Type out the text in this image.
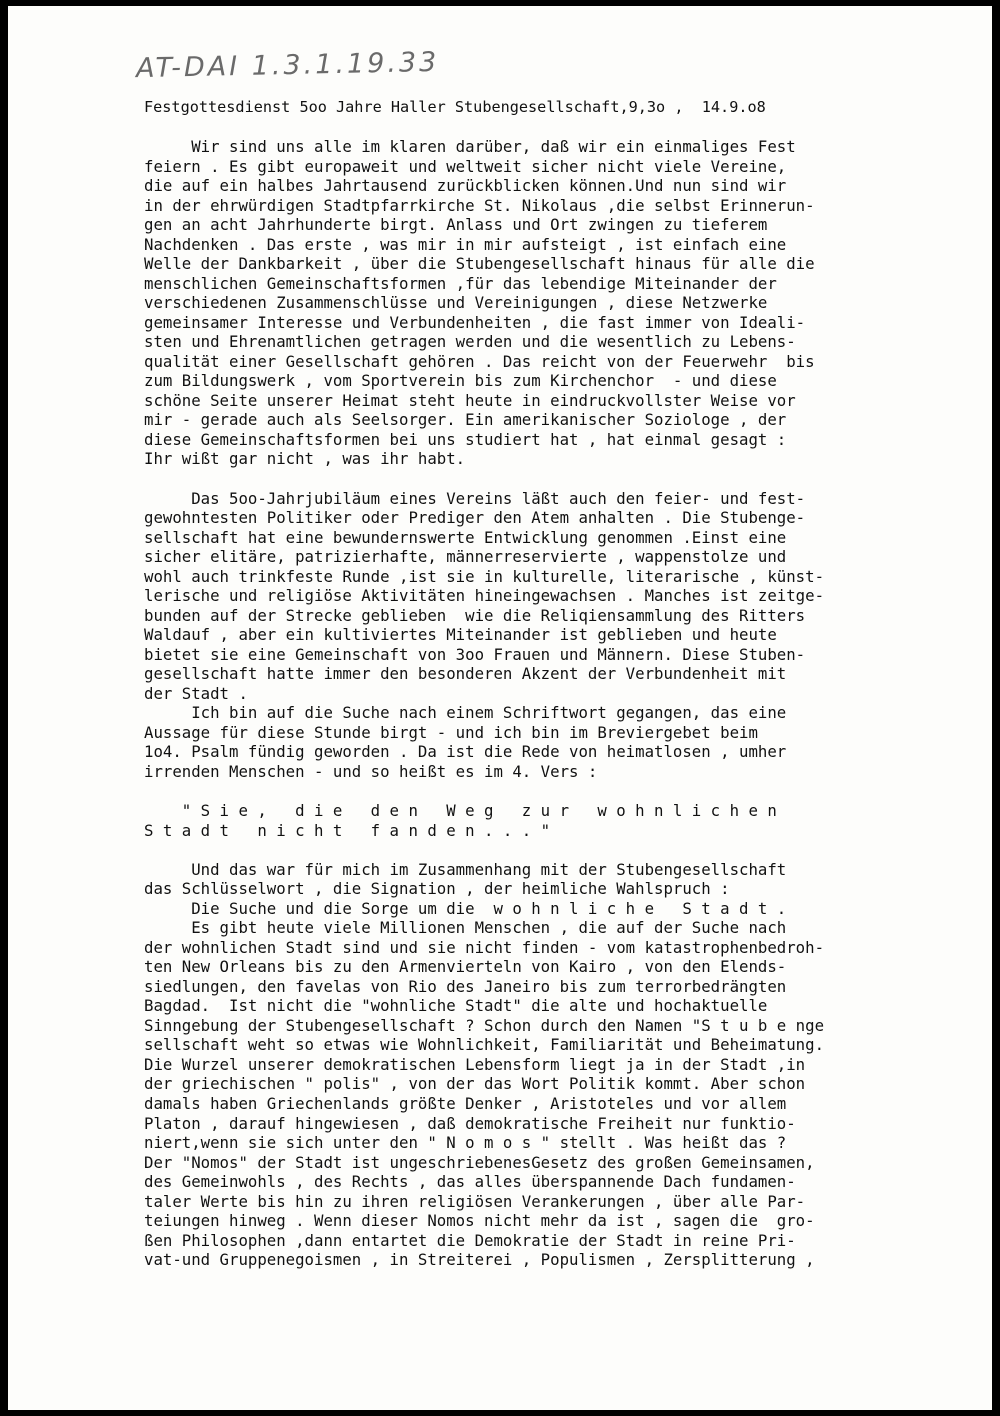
AT-DAI 1.3.1.19.33
Festgottesdienst 5oo Jahre Haller Stubengesellschaft,9,3o ,  14.9.o8
Wir sind uns alle im klaren darüber, daß wir ein einmaliges Fest
feiern . Es gibt europaweit und weltweit sicher nicht viele Vereine,
die auf ein halbes Jahrtausend zurückblicken können.Und nun sind wir
in der ehrwürdigen Stadtpfarrkirche St. Nikolaus ,die selbst Erinnerun-
gen an acht Jahrhunderte birgt. Anlass und Ort zwingen zu tieferem
Nachdenken . Das erste , was mir in mir aufsteigt , ist einfach eine
Welle der Dankbarkeit , über die Stubengesellschaft hinaus für alle die
menschlichen Gemeinschaftsformen ,für das lebendige Miteinander der
verschiedenen Zusammenschlüsse und Vereinigungen , diese Netzwerke
gemeinsamer Interesse und Verbundenheiten , die fast immer von Ideali-
sten und Ehrenamtlichen getragen werden und die wesentlich zu Lebens-
qualität einer Gesellschaft gehören . Das reicht von der Feuerwehr  bis
zum Bildungswerk , vom Sportverein bis zum Kirchenchor  - und diese
schöne Seite unserer Heimat steht heute in eindruckvollster Weise vor
mir - gerade auch als Seelsorger. Ein amerikanischer Soziologe , der
diese Gemeinschaftsformen bei uns studiert hat , hat einmal gesagt :
Ihr wißt gar nicht , was ihr habt.
Das 5oo-Jahrjubiläum eines Vereins läßt auch den feier- und fest-
gewohntesten Politiker oder Prediger den Atem anhalten . Die Stubenge-
sellschaft hat eine bewundernswerte Entwicklung genommen .Einst eine
sicher elitäre, patrizierhafte, männerreservierte , wappenstolze und
wohl auch trinkfeste Runde ,ist sie in kulturelle, literarische , künst-
lerische und religiöse Aktivitäten hineingewachsen . Manches ist zeitge-
bunden auf der Strecke geblieben  wie die Reliqiensammlung des Ritters
Waldauf , aber ein kultiviertes Miteinander ist geblieben und heute
bietet sie eine Gemeinschaft von 3oo Frauen und Männern. Diese Stuben-
gesellschaft hatte immer den besonderen Akzent der Verbundenheit mit
der Stadt .
Ich bin auf die Suche nach einem Schriftwort gegangen, das eine
Aussage für diese Stunde birgt - und ich bin im Breviergebet beim
1o4. Psalm fündig geworden . Da ist die Rede von heimatlosen , umher
irrenden Menschen - und so heißt es im 4. Vers :
" S i e ,   d i e   d e n   W e g   z u r   w o h n l i c h e n
S t a d t   n i c h t   f a n d e n . . . "
Und das war für mich im Zusammenhang mit der Stubengesellschaft
das Schlüsselwort , die Signation , der heimliche Wahlspruch :
Die Suche und die Sorge um die  w o h n l i c h e   S t a d t .
Es gibt heute viele Millionen Menschen , die auf der Suche nach
der wohnlichen Stadt sind und sie nicht finden - vom katastrophenbedroh-
ten New Orleans bis zu den Armenvierteln von Kairo , von den Elends-
siedlungen, den favelas von Rio des Janeiro bis zum terrorbedrängten
Bagdad.  Ist nicht die "wohnliche Stadt" die alte und hochaktuelle
Sinngebung der Stubengesellschaft ? Schon durch den Namen "S t u b e nge
sellschaft weht so etwas wie Wohnlichkeit, Familiarität und Beheimatung.
Die Wurzel unserer demokratischen Lebensform liegt ja in der Stadt ,in
der griechischen " polis" , von der das Wort Politik kommt. Aber schon
damals haben Griechenlands größte Denker , Aristoteles und vor allem
Platon , darauf hingewiesen , daß demokratische Freiheit nur funktio-
niert,wenn sie sich unter den " N o m o s " stellt . Was heißt das ?
Der "Nomos" der Stadt ist ungeschriebenesGesetz des großen Gemeinsamen,
des Gemeinwohls , des Rechts , das alles überspannende Dach fundamen-
taler Werte bis hin zu ihren religiösen Verankerungen , über alle Par-
teiungen hinweg . Wenn dieser Nomos nicht mehr da ist , sagen die  gro-
ßen Philosophen ,dann entartet die Demokratie der Stadt in reine Pri-
vat-und Gruppenegoismen , in Streiterei , Populismen , Zersplitterung ,
